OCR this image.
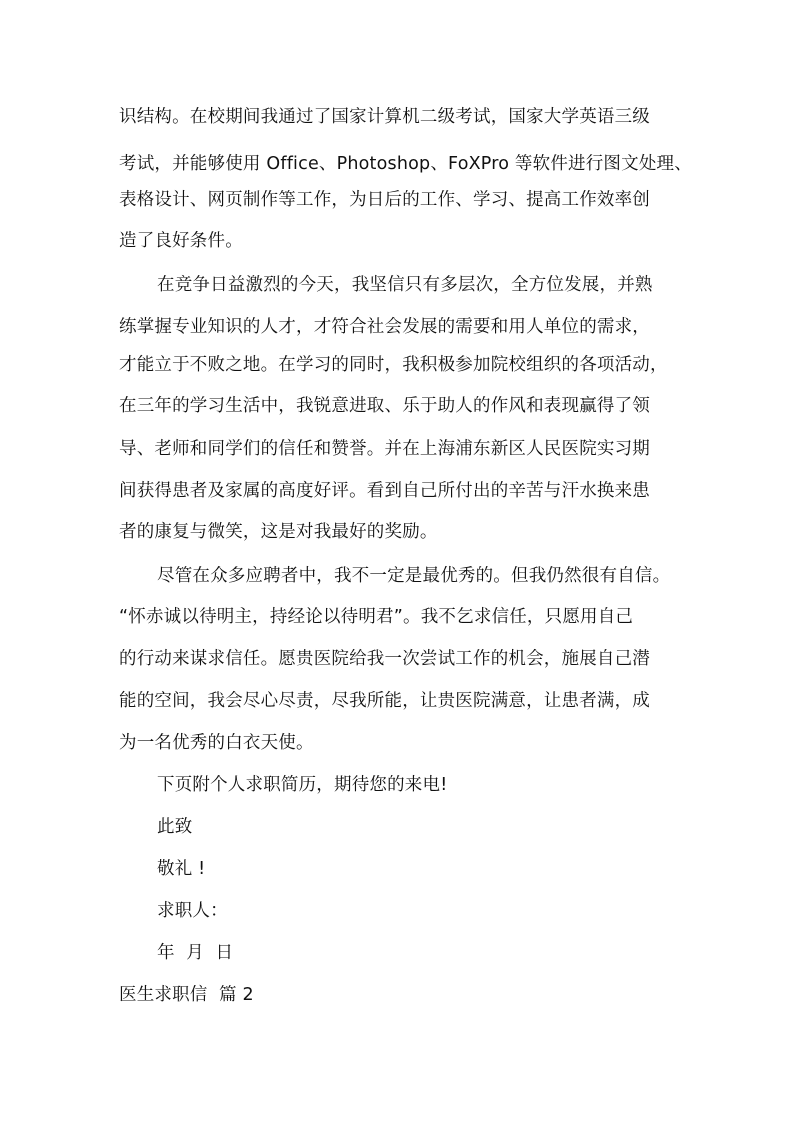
识结构。在校期间我通过了国家计算机二级考试，国家大学英语三级
考试，并能够使用 Office、Photoshop、FoXPro 等软件进行图文处理、
表格设计、网页制作等工作，为日后的工作、学习、提高工作效率创
造了良好条件。
在竞争日益激烈的今天，我坚信只有多层次，全方位发展，并熟
练掌握专业知识的人才，才符合社会发展的需要和用人单位的需求，
才能立于不败之地。在学习的同时，我积极参加院校组织的各项活动，
在三年的学习生活中，我锐意进取、乐于助人的作风和表现赢得了领
导、老师和同学们的信任和赞誉。并在上海浦东新区人民医院实习期
间获得患者及家属的高度好评。看到自己所付出的辛苦与汗水换来患
者的康复与微笑，这是对我最好的奖励。
尽管在众多应聘者中，我不一定是最优秀的。但我仍然很有自信。
“怀赤诚以待明主，持经论以待明君”。我不乞求信任，只愿用自己
的行动来谋求信任。愿贵医院给我一次尝试工作的机会，施展自己潜
能的空间，我会尽心尽责，尽我所能，让贵医院满意，让患者满，成
为一名优秀的白衣天使。
下页附个人求职简历，期待您的来电!
此致
敬礼 !
求职人：
年  月  日
医生求职信  篇 2
